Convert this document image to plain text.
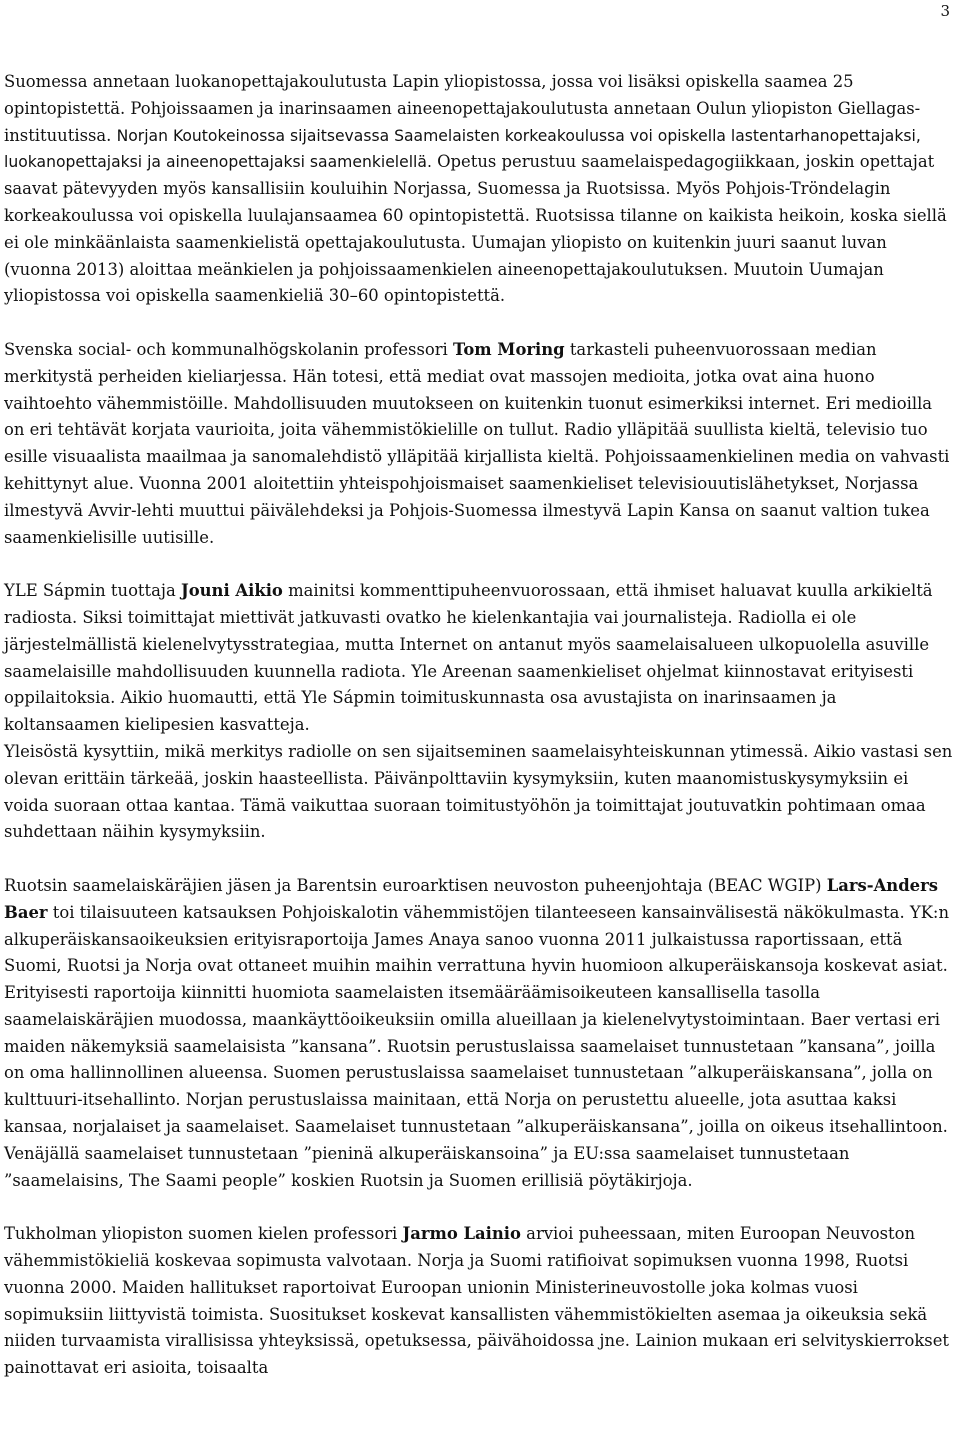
3

Suomessa annetaan luokanopettajakoulutusta Lapin yliopistossa, jossa voi lisäksi opiskella saamea 25 opintopistettä. Pohjoissaamen ja inarinsaamen aineenopettajakoulutusta annetaan Oulun yliopiston Giellagas-instituutissa. Norjan Koutokeinossa sijaitsevassa Saamelaisten korkeakoulussa voi opiskella lastentarhanopettajaksi, luokanopettajaksi ja aineenopettajaksi saamenkielellä. Opetus perustuu saamelaispedagogiikkaan, joskin opettajat saavat pätevyyden myös kansallisiin kouluihin Norjassa, Suomessa ja Ruotsissa. Myös Pohjois-Tröndelagin korkeakoulussa voi opiskella luulajansaamea 60 opintopistettä. Ruotsissa tilanne on kaikista heikoin, koska siellä ei ole minkäänlaista saamenkielistä opettajakoulutusta. Uumajan yliopisto on kuitenkin juuri saanut luvan (vuonna 2013) aloittaa meänkielen ja pohjoissaamenkielen aineenopettajakoulutuksen. Muutoin Uumajan yliopistossa voi opiskella saamenkieliä 30–60 opintopistettä.

Svenska social- och kommunalhögskolanin professori Tom Moring tarkasteli puheenvuorossaan median merkitystä perheiden kieliarjessa. Hän totesi, että mediat ovat massojen medioita, jotka ovat aina huono vaihtoehto vähemmistöille. Mahdollisuuden muutokseen on kuitenkin tuonut esimerkiksi internet. Eri medioilla on eri tehtävät korjata vaurioita, joita vähemmistökielille on tullut. Radio ylläpitää suullista kieltä, televisio tuo esille visuaalista maailmaa ja sanomalehdistö ylläpitää kirjallista kieltä. Pohjoissaamenkielinen media on vahvasti kehittynyt alue. Vuonna 2001 aloitettiin yhteispohjoismaiset saamenkieliset televisiouutislähetykset, Norjassa ilmestyvä Avvir-lehti muuttui päivälehdeksi ja Pohjois-Suomessa ilmestyvä Lapin Kansa on saanut valtion tukea saamenkielisille uutisille.

YLE Sápmin tuottaja Jouni Aikio mainitsi kommenttipuheenvuorossaan, että ihmiset haluavat kuulla arkikieltä radiosta. Siksi toimittajat miettivät jatkuvasti ovatko he kielenkantajia vai journalisteja. Radiolla ei ole järjestelmällistä kielenelvytysstrategiaa, mutta Internet on antanut myös saamelaisalueen ulkopuolella asuville saamelaisille mahdollisuuden kuunnella radiota. Yle Areenan saamenkieliset ohjelmat kiinnostavat erityisesti oppilaitoksia. Aikio huomautti, että Yle Sápmin toimituskunnasta osa avustajista on inarinsaamen ja koltansaamen kielipesien kasvatteja.

Yleisöstä kysyttiin, mikä merkitys radiolle on sen sijaitseminen saamelaisyhteiskunnan ytimessä. Aikio vastasi sen olevan erittäin tärkeää, joskin haasteellista. Päivänpolttaviin kysymyksiin, kuten maanomistuskysymyksiin ei voida suoraan ottaa kantaa. Tämä vaikuttaa suoraan toimitustyöhön ja toimittajat joutuvatkin pohtimaan omaa suhdettaan näihin kysymyksiin.

Ruotsin saamelaiskäräjien jäsen ja Barentsin euroarktisen neuvoston puheenjohtaja (BEAC WGIP) Lars-Anders Baer toi tilaisuuteen katsauksen Pohjoiskalotin vähemmistöjen tilanteeseen kansainvälisestä näkökulmasta. YK:n alkuperäiskansaoikeuksien erityisraportoija James Anaya sanoo vuonna 2011 julkaistussa raportissaan, että Suomi, Ruotsi ja Norja ovat ottaneet muihin maihin verrattuna hyvin huomioon alkuperäiskansoja koskevat asiat. Erityisesti raportoija kiinnitti huomiota saamelaisten itsemääräämisoikeuteen kansallisella tasolla saamelaiskäräjien muodossa, maankäyttöoikeuksiin omilla alueillaan ja kielenelvytystoimintaan. Baer vertasi eri maiden näkemyksiä saamelaisista ”kansana”. Ruotsin perustuslaissa saamelaiset tunnustetaan ”kansana”, joilla on oma hallinnollinen alueensa. Suomen perustuslaissa saamelaiset tunnustetaan ”alkuperäiskansana”, jolla on kulttuuri-itsehallinto. Norjan perustuslaissa mainitaan, että Norja on perustettu alueelle, jota asuttaa kaksi kansaa, norjalaiset ja saamelaiset. Saamelaiset tunnustetaan ”alkuperäiskansana”, joilla on oikeus itsehallintoon. Venäjällä saamelaiset tunnustetaan ”pieninä alkuperäiskansoina” ja EU:ssa saamelaiset tunnustetaan ”saamelaisins, The Saami people” koskien Ruotsin ja Suomen erillisiä pöytäkirjoja.

Tukholman yliopiston suomen kielen professori Jarmo Lainio arvioi puheessaan, miten Euroopan Neuvoston vähemmistökieliä koskevaa sopimusta valvotaan. Norja ja Suomi ratifioivat sopimuksen vuonna 1998, Ruotsi vuonna 2000. Maiden hallitukset raportoivat Euroopan unionin Ministerineuvostolle joka kolmas vuosi sopimuksiin liittyvistä toimista. Suositukset koskevat kansallisten vähemmistökielten asemaa ja oikeuksia sekä niiden turvaamista virallisissa yhteyksissä, opetuksessa, päivähoidossa jne. Lainion mukaan eri selvityskierrokset painottavat eri asioita, toisaalta
